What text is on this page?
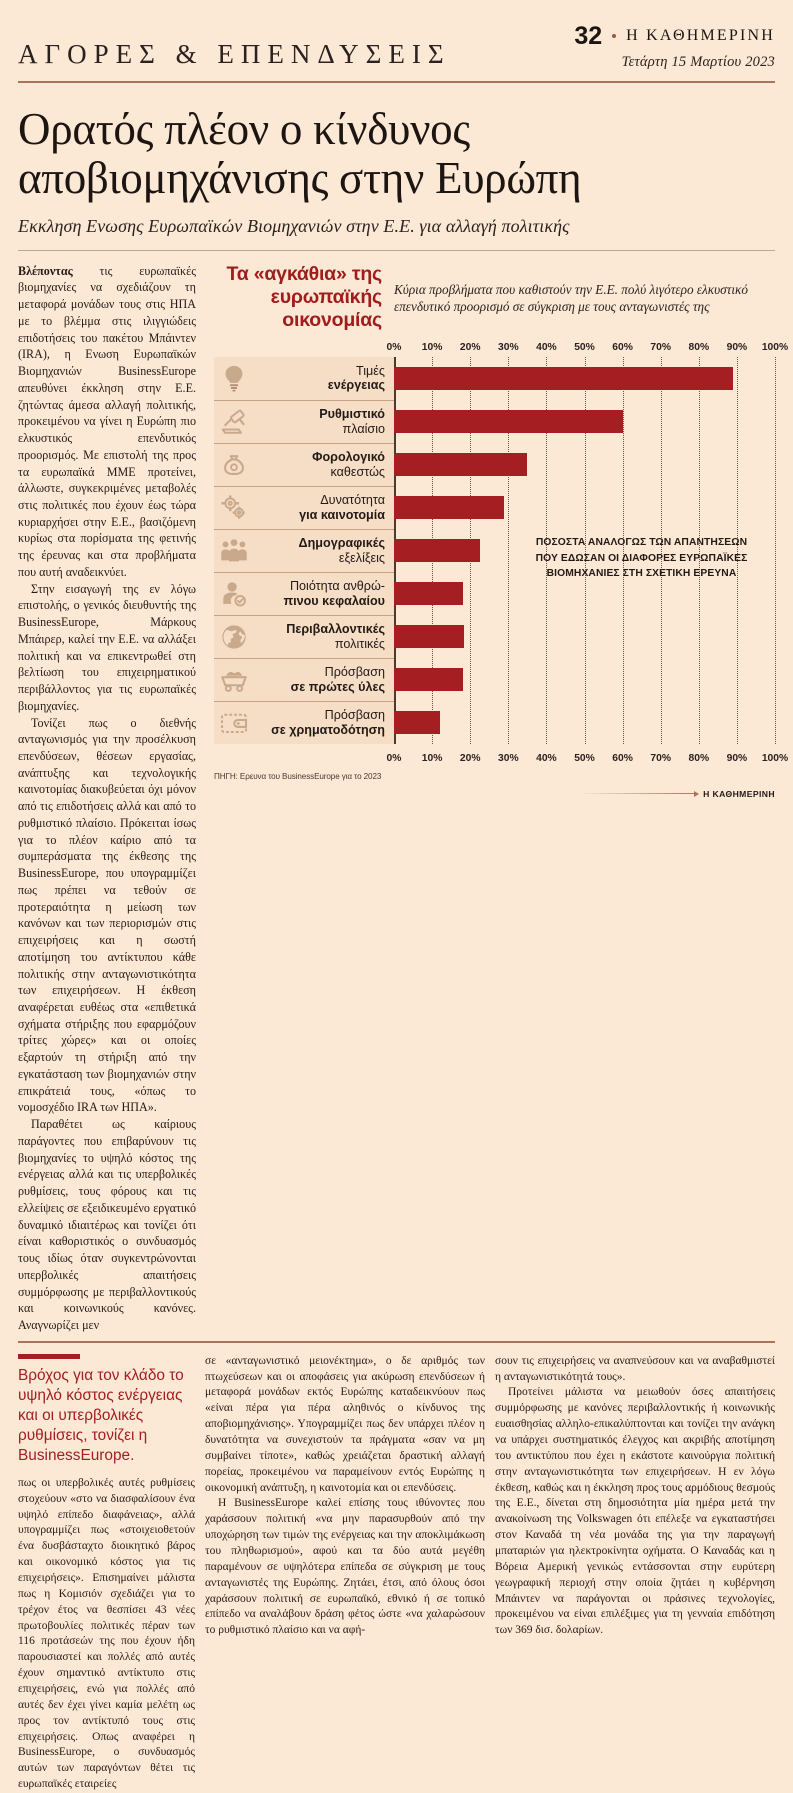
ΑΓΟΡΕΣ & ΕΠΕΝΔΥΣΕΙΣ
32 Η ΚΑΘΗΜΕΡΙΝΗ
Τετάρτη 15 Μαρτίου 2023
Ορατός πλέον ο κίνδυνος
αποβιομηχάνισης στην Ευρώπη
Εκκληση Ενωσης Ευρωπαϊκών Βιομηχανιών στην Ε.Ε. για αλλαγή πολιτικής

Βλέποντας τις ευρωπαϊκές βιομηχανίες να σχεδιάζουν τη μεταφορά μονάδων τους στις ΗΠΑ με το βλέμμα στις ιλιγγιώδεις επιδοτήσεις του πακέτου Μπάιντεν (IRA), η Ενωση Ευρωπαϊκών Βιομηχανιών BusinessEurope απευθύνει έκκληση στην Ε.Ε. ζητώντας άμεσα αλλαγή πολιτικής, προκειμένου να γίνει η Ευρώπη πιο ελκυστικός επενδυτικός προορισμός. Με επιστολή της προς τα ευρωπαϊκά ΜΜΕ προτείνει, άλλωστε, συγκεκριμένες μεταβολές στις πολιτικές που έχουν έως τώρα κυριαρχήσει στην Ε.Ε., βασιζόμενη κυρίως στα πορίσματα της φετινής της έρευνας και στα προβλήματα που αυτή αναδεικνύει.

Στην εισαγωγή της εν λόγω επιστολής, ο γενικός διευθυντής της BusinessEurope, Μάρκους Μπάιρερ, καλεί την Ε.Ε. να αλλάξει πολιτική και να επικεντρωθεί στη βελτίωση του επιχειρηματικού περιβάλλοντος για τις ευρωπαϊκές βιομηχανίες.

Τονίζει πως ο διεθνής ανταγωνισμός για την προσέλκυση επενδύσεων, θέσεων εργασίας, ανάπτυξης και τεχνολογικής καινοτομίας διακυβεύεται όχι μόνον από τις επιδοτήσεις αλλά και από το ρυθμιστικό πλαίσιο. Πρόκειται ίσως για το πλέον καίριο από τα συμπεράσματα της έκθεσης της BusinessEurope, που υπογραμμίζει πως πρέπει να τεθούν σε προτεραιότητα η μείωση των κανόνων και των περιορισμών στις επιχειρήσεις και η σωστή αποτίμηση του αντίκτυπου κάθε πολιτικής στην ανταγωνιστικότητα των επιχειρήσεων. Η έκθεση αναφέρεται ευθέως στα «επιθετικά σχήματα στήριξης που εφαρμόζουν τρίτες χώρες» και οι οποίες εξαρτούν τη στήριξη από την εγκατάσταση των βιομηχανιών στην επικράτειά τους, «όπως το νομοσχέδιο IRA των ΗΠΑ».

Παραθέτει ως καίριους παράγοντες που επιβαρύνουν τις βιομηχανίες το υψηλό κόστος της ενέργειας αλλά και τις υπερβολικές ρυθμίσεις, τους φόρους και τις ελλείψεις σε εξειδικευμένο εργατικό δυναμικό ιδιαιτέρως και τονίζει ότι είναι καθοριστικός ο συνδυασμός τους ιδίως όταν συγκεντρώνονται υπερβολικές απαιτήσεις συμμόρφωσης με περιβαλλοντικούς και κοινωνικούς κανόνες. Αναγνωρίζει μεν

Τα «αγκάθια» της ευρωπαϊκής οικονομίας
Κύρια προβλήματα που καθιστούν την Ε.Ε. πολύ λιγότερο ελκυστικό επενδυτικό προορισμό σε σύγκριση με τους ανταγωνιστές της
0% 10% 20% 30% 40% 50% 60% 70% 80% 90% 100%
Τιμές
ενέργειας
Ρυθμιστικό
πλαίσιο
Φορολογικό
καθεστώς
Δυνατότητα
για καινοτομία
Δημογραφικές
εξελίξεις
Ποιότητα ανθρώ-
πινου κεφαλαίου
Περιβαλλοντικές
πολιτικές
Πρόσβαση
σε πρώτες ύλες
Πρόσβαση
σε χρηματοδότηση
ΠΟΣΟΣΤΑ ΑΝΑΛΟΓΩΣ ΤΩΝ ΑΠΑΝΤΗΣΕΩΝ ΠΟΥ ΕΔΩΣΑΝ ΟΙ ΔΙΑΦΟΡΕΣ ΕΥΡΩΠΑΪΚΕΣ ΒΙΟΜΗΧΑΝΙΕΣ ΣΤΗ ΣΧΕΤΙΚΗ ΕΡΕΥΝΑ
0% 10% 20% 30% 40% 50% 60% 70% 80% 90% 100%
ΠΗΓΗ: Ερευνα του BusinessEurope για το 2023
Η ΚΑΘΗΜΕΡΙΝΗ

Βρόχος για τον κλάδο το υψηλό κόστος ενέργειας και οι υπερβολικές ρυθμίσεις, τονίζει η BusinessEurope.

πως οι υπερβολικές αυτές ρυθμίσεις στοχεύουν «στο να διασφαλίσουν ένα υψηλό επίπεδο διαφάνειας», αλλά υπογραμμίζει πως «στοιχειοθετούν ένα δυσβάσταχτο διοικητικό βάρος και οικονομικό κόστος για τις επιχειρήσεις». Επισημαίνει μάλιστα πως η Κομισιόν σχεδιάζει για το τρέχον έτος να θεσπίσει 43 νέες πρωτοβουλίες πολιτικές πέραν των 116 προτάσεών της που έχουν ήδη παρουσιαστεί και πολλές από αυτές έχουν σημαντικό αντίκτυπο στις επιχειρήσεις, ενώ για πολλές από αυτές δεν έχει γίνει καμία μελέτη ως προς τον αντίκτυπό τους στις επιχειρήσεις. Οπως αναφέρει η BusinessEurope, ο συνδυασμός αυτών των παραγόντων θέτει τις ευρωπαϊκές εταιρείες

σε «ανταγωνιστικό μειονέκτημα», ο δε αριθμός των πτωχεύσεων και οι αποφάσεις για ακύρωση επενδύσεων ή μεταφορά μονάδων εκτός Ευρώπης καταδεικνύουν πως «είναι πέρα για πέρα αληθινός ο κίνδυνος της αποβιομηχάνισης». Υπογραμμίζει πως δεν υπάρχει πλέον η δυνατότητα να συνεχιστούν τα πράγματα «σαν να μη συμβαίνει τίποτε», καθώς χρειάζεται δραστική αλλαγή πορείας, προκειμένου να παραμείνουν εντός Ευρώπης η οικονομική ανάπτυξη, η καινοτομία και οι επενδύσεις.

Η BusinessEurope καλεί επίσης τους ιθύνοντες που χαράσσουν πολιτική «να μην παρασυρθούν από την υποχώρηση των τιμών της ενέργειας και την αποκλιμάκωση του πληθωρισμού», αφού και τα δύο αυτά μεγέθη παραμένουν σε υψηλότερα επίπεδα σε σύγκριση με τους ανταγωνιστές της Ευρώπης. Ζητάει, έτσι, από όλους όσοι χαράσσουν πολιτική σε ευρωπαϊκό, εθνικό ή σε τοπικό επίπεδο να αναλάβουν δράση φέτος ώστε «να χαλαρώσουν το ρυθμιστικό πλαίσιο και να αφή-

σουν τις επιχειρήσεις να αναπνεύσουν και να αναβαθμιστεί η ανταγωνιστικότητά τους».

Προτείνει μάλιστα να μειωθούν όσες απαιτήσεις συμμόρφωσης με κανόνες περιβαλλοντικής ή κοινωνικής ευαισθησίας αλληλο-επικαλύπτονται και τονίζει την ανάγκη να υπάρχει συστηματικός έλεγχος και ακριβής αποτίμηση του αντικτύπου που έχει η εκάστοτε καινούργια πολιτική στην ανταγωνιστικότητα των επιχειρήσεων. Η εν λόγω έκθεση, καθώς και η έκκληση προς τους αρμόδιους θεσμούς της Ε.Ε., δίνεται στη δημοσιότητα μία ημέρα μετά την ανακοίνωση της Volkswagen ότι επέλεξε να εγκαταστήσει στον Καναδά τη νέα μονάδα της για την παραγωγή μπαταριών για ηλεκτροκίνητα οχήματα. Ο Καναδάς και η Βόρεια Αμερική γενικώς εντάσσονται στην ευρύτερη γεωγραφική περιοχή στην οποία ζητάει η κυβέρνηση Μπάιντεν να παράγονται οι πράσινες τεχνολογίες, προκειμένου να είναι επιλέξιμες για τη γενναία επιδότηση των 369 δισ. δολαρίων.
